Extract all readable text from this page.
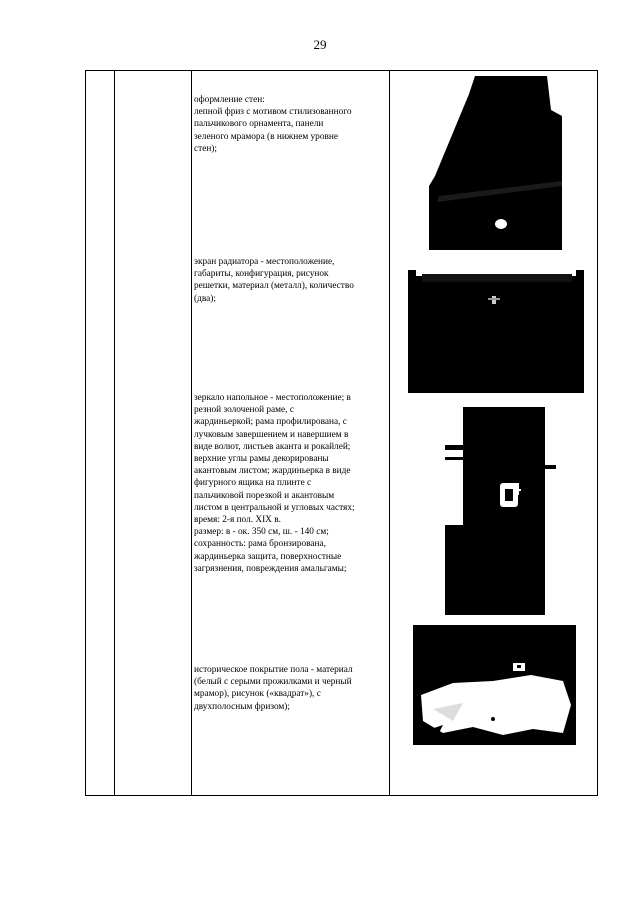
29
оформление стен:
лепной фриз с мотивом стилизованного
пальчикового орнамента, панели
зеленого мрамора (в нижнем уровне
стен);
экран радиатора - местоположение,
габариты, конфигурация, рисунок
решетки, материал (металл), количество
(два);
зеркало напольное - местоположение; в
резной золоченой раме, с
жардиньеркой; рама профилирована, с
лучковым завершением и навершием в
виде волют, листьев аканта и рокайлей;
верхние углы рамы декорированы
акантовым листом; жардиньерка в виде
фигурного ящика на плинте с
пальчиковой порезкой и акантовым
листом в центральной и угловых частях;
время: 2-я пол. XIX в.
размер: в - ок. 350 см, ш. - 140 см;
сохранность: рама бронзирована,
жардиньерка защита, поверхностные
загрязнения, повреждения амальгамы;
историческое покрытие пола - материал
(белый с серыми прожилками и черный
мрамор), рисунок («квадрат»), с
двухполосным фризом);
